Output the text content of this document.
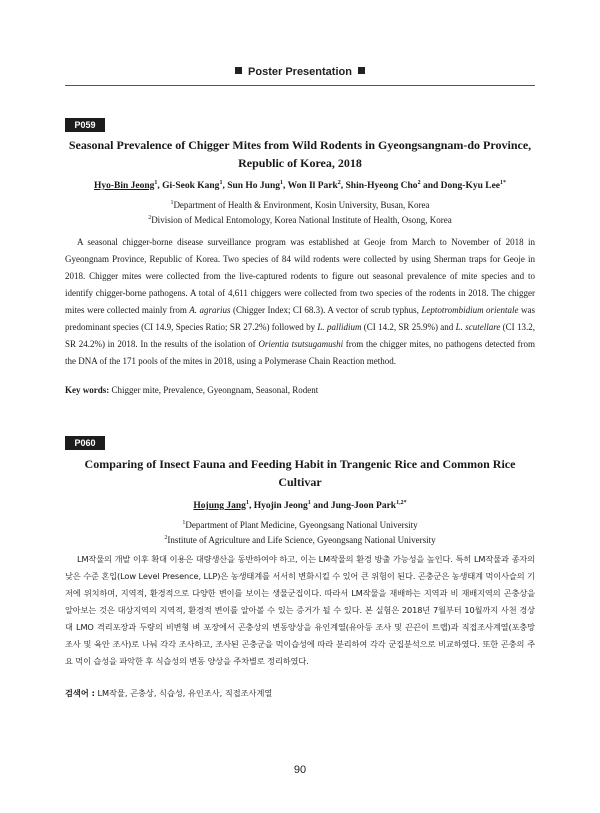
Poster Presentation
P059
Seasonal Prevalence of Chigger Mites from Wild Rodents in Gyeongsangnam-do Province,
Republic of Korea, 2018
Hyo-Bin Jeong$^1$, Gi-Seok Kang$^1$, Sun Ho Jung$^1$, Won Il Park$^2$, Shin-Hyeong Cho$^2$ and Dong-Kyu Lee$^{1*}$
$^1$Department of Health & Environment, Kosin University, Busan, Korea
$^2$Division of Medical Entomology, Korea National Institute of Health, Osong, Korea

A seasonal chigger-borne disease surveillance program was established at Geoje from March to November of 2018 in Gyeongnam Province, Republic of Korea. Two species of 84 wild rodents were collected by using Sherman traps for Geoje in 2018. Chigger mites were collected from the live-captured rodents to figure out seasonal prevalence of mite species and to identify chigger-borne pathogens. A total of 4,611 chiggers were collected from two species of the rodents in 2018. The chigger mites were collected mainly from A. agrarius (Chigger Index; CI 68.3). A vector of scrub typhus, Leptotrombidium orientale was predominant species (CI 14.9, Species Ratio; SR 27.2%) followed by L. pallidium (CI 14.2, SR 25.9%) and L. scutellare (CI 13.2, SR 24.2%) in 2018. In the results of the isolation of Orientia tsutsugamushi from the chigger mites, no pathogens detected from the DNA of the 171 pools of the mites in 2018, using a Polymerase Chain Reaction method.

Key words: Chigger mite, Prevalence, Gyeongnam, Seasonal, Rodent
P060
Comparing of Insect Fauna and Feeding Habit in Trangenic Rice and Common Rice
Cultivar
Hojung Jang$^1$, Hyojin Jeong$^1$ and Jung-Joon Park$^{1,2*}$
$^1$Department of Plant Medicine, Gyeongsang National University
$^2$Institute of Agriculture and Life Science, Gyeongsang National University

LM작물의 개발 이후 확대 이용은 대량생산을 동반하여야 하고, 이는 LM작물의 환경 방출 가능성을 높인다. 특히 LM작물과 종자의 낮은 수준 혼입(Low Level Presence, LLP)은 농생태계를 서서히 변화시킬 수 있어 큰 위험이 된다. 곤충군은 농생태계 먹이사슬의 기저에 위치하며, 지역적, 환경적으로 다양한 변이를 보이는 생물군집이다. 따라서 LM작물을 재배하는 지역과 비 재배지역의 곤충상을 알아보는 것은 대상지역의 지역적, 환경적 변이를 알아볼 수 있는 증거가 될 수 있다. 본 실험은 2018년 7월부터 10월까지 사천 경상대 LMO 격리포장과 두량의 비변형 벼 포장에서 곤충상의 변동양상을 유인계열(유아등 조사 및 끈끈이 트랩)과 직접조사계열(포충망 조사 및 육안 조사)로 나눠 각각 조사하고, 조사된 곤충군을 먹이습성에 따라 분리하여 각각 군집분석으로 비교하였다. 또한 곤충의 주요 먹이 습성을 파악한 후 식습성의 변동 양상을 주차별로 정리하였다.

검색어 : LM작물, 곤충상, 식습성, 유인조사, 직접조사계열
90
